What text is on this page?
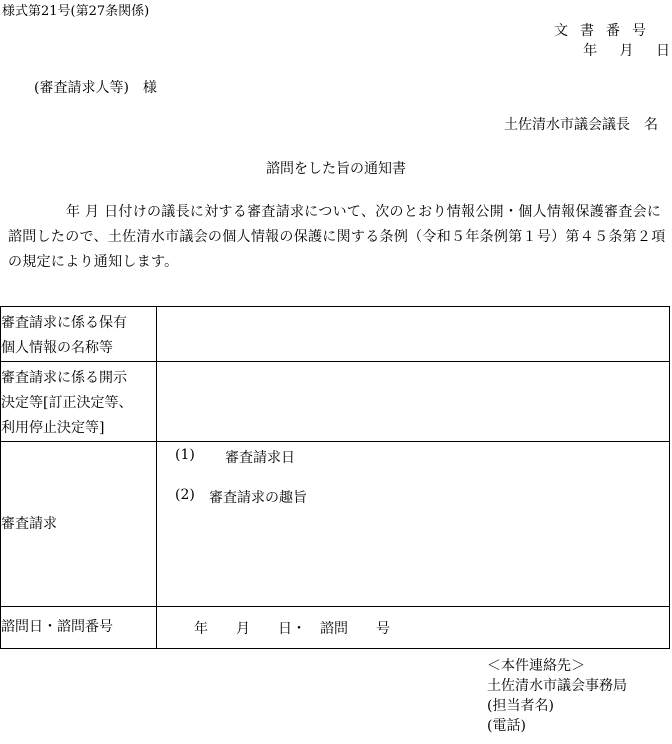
様式第21号(第27条関係)
文書番号
年 月 日
(審査請求人等)　様
土佐清水市議会議長　名
諮問をした旨の通知書
年 月 日付けの議長に対する審査請求について、次のとおり情報公開・個人情報保護審査会に諮問したので、土佐清水市議会の個人情報の保護に関する条例（令和５年条例第１号）第４５条第２項の規定により通知します。
審査請求に係る保有
個人情報の名称等	

審査請求に係る開示
決定等[訂正決定等、
利用停止決定等]	

審査請求	(1) 審査請求日
(2) 審査請求の趣旨

諮問日・諮問番号	年　　月　　日・　諮問　　号
＜本件連絡先＞
土佐清水市議会事務局
(担当者名)
(電話)
